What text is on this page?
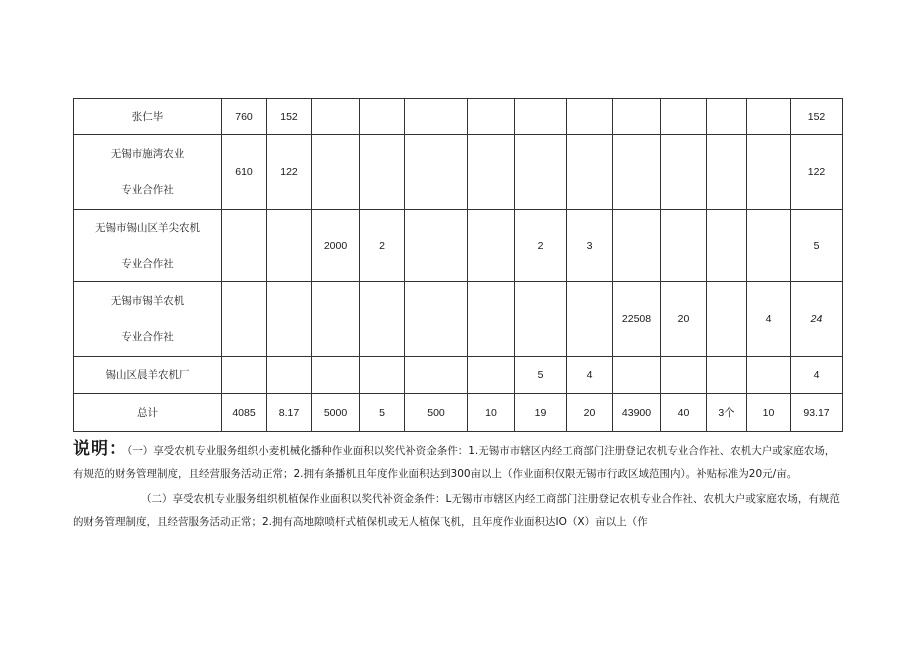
张仁毕	760	152											152

无锡市施湾农业
专业合作社	610	122											122

无锡市锡山区羊尖农机
专业合作社			2000	2			2	3					5

无锡市锡羊农机
专业合作社									22508	20		4	24

锡山区晨羊农机厂							5	4					4

总计	4085	8.17	5000	5	500	10	19	20	43900	40	3个	10	93.17

说明：（一）享受农机专业服务组织小麦机械化播种作业面积以奖代补资金条件：1.无锡市市辖区内经工商部门注册登记农机专业合作社、农机大户或家庭农场，有规范的财务管理制度，且经营服务活动正常；2.拥有条播机且年度作业面积达到300亩以上（作业面积仅限无锡市行政区域范围内）。补贴标准为20元/亩。

（二）享受农机专业服务组织机植保作业面积以奖代补资金条件：L无锡市市辖区内经工商部门注册登记农机专业合作社、农机大户或家庭农场，有规范的财务管理制度，且经营服务活动正常；2.拥有高地隙喷杆式植保机或无人植保飞机，且年度作业面积达IO（X）亩以上（作
